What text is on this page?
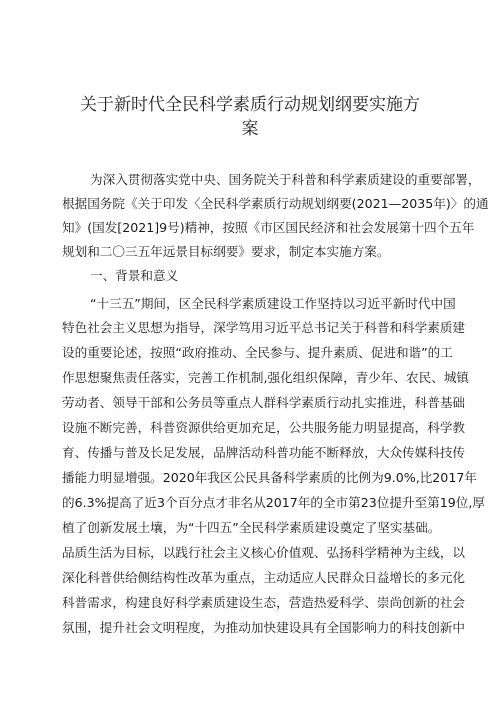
关于新时代全民科学素质行动规划纲要实施方
案
为深入贯彻落实党中央、国务院关于科普和科学素质建设的重要部署，
根据国务院《关于印发〈全民科学素质行动规划纲要(2021—2035年)〉的通
知》(国发[2021]9号)精神，按照《市区国民经济和社会发展第十四个五年
规划和二〇三五年远景目标纲要》要求，制定本实施方案。
一、背景和意义
“十三五”期间，区全民科学素质建设工作坚持以习近平新时代中国
特色社会主义思想为指导，深学笃用习近平总书记关于科普和科学素质建
设的重要论述，按照“政府推动、全民参与、提升素质、促进和谐”的工
作思想聚焦责任落实，完善工作机制,强化组织保障，青少年、农民、城镇
劳动者、领导干部和公务员等重点人群科学素质行动扎实推进，科普基础
设施不断完善，科普资源供给更加充足，公共服务能力明显提高，科学教
育、传播与普及长足发展，品牌活动科普功能不断释放，大众传媒科技传
播能力明显增强。2020年我区公民具备科学素质的比例为9.0%,比2017年
的6.3%提高了近3个百分点才非名从2017年的全市第23位提升至第19位,厚
植了创新发展土壤，为“十四五”全民科学素质建设奠定了坚实基础。
品质生活为目标，以践行社会主义核心价值观、弘扬科学精神为主线，以
深化科普供给侧结构性改革为重点，主动适应人民群众日益增长的多元化
科普需求，构建良好科学素质建设生态，营造热爱科学、崇尚创新的社会
氛围，提升社会文明程度，为推动加快建设具有全国影响力的科技创新中
